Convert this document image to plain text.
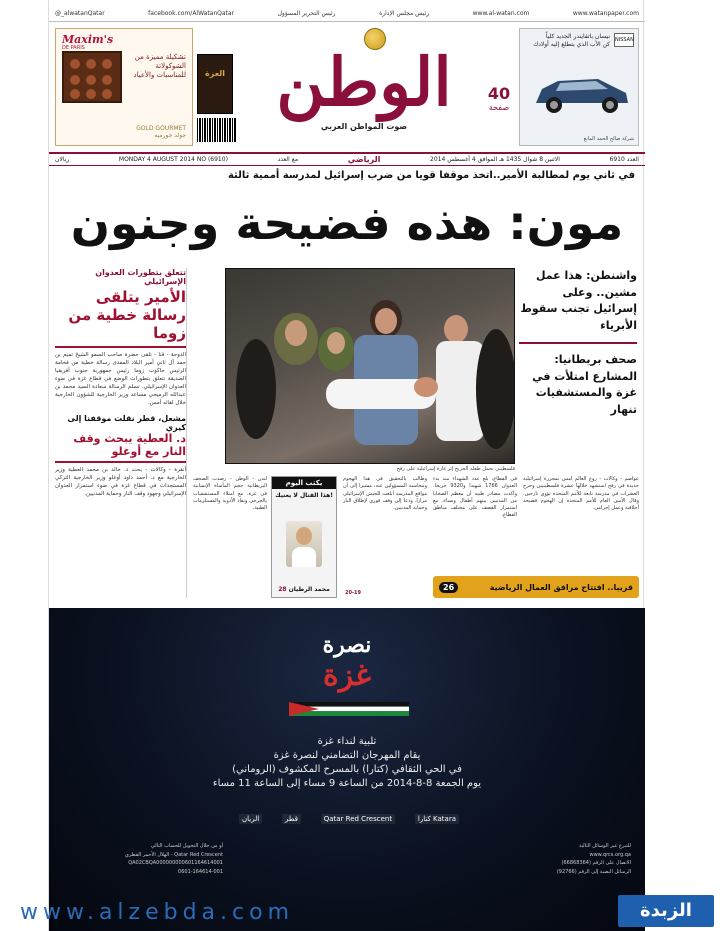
@_alwatanQatar	facebook.com/AlWatanQatar	رئيس التحرير المسؤول	رئيس مجلس الإدارة	www.al-watan.com	www.watanpaper.com
Maxim's
DE PARIS
تشكيلة مميزة من الشوكولاتة للمناسبات والأعياد
GOLD GOURMET
جولد جورميه
العزة الوطن
صوت المواطن العربي
40
صفحة
NISSAN
نيسان باثفايندر الجديد كلياً
كن الأب الذي يتطلع إليه أولادك
شركة صالح الحمد المانع
ريالان	MONDAY 4 AUGUST 2014 NO (6910)	مع العدد	الرياضي	الاثنين 8 شوال 1435 هـ الموافق 4 أغسطس 2014	العدد 6910
في ثاني يوم لمطالبة الأمير..اتخذ موقفا قويا من ضرب إسرائيل لمدرسة أممية ثالثة
مون: هذه فضيحة وجنون
تتعلق بتطورات العدوان الإسرائيلي
الأمير يتلقى رسالة خطية من زوما
الدوحة - قنا - تلقى حضرة صاحب السمو الشيخ تميم بن حمد آل ثاني أمير البلاد المفدى رسالة خطية من فخامة الرئيس جاكوب زوما رئيس جمهورية جنوب أفريقيا الصديقة تتعلق بتطورات الوضع في قطاع غزة في ضوء العدوان الإسرائيلي. تسلم الرسالة سعادة السيد محمد بن عبدالله الرميحي مساعد وزير الخارجية للشؤون الخارجية خلال لقائه أمس.
مشعل، قطر نقلت موقفنا إلى كيري
د. العطية يبحث وقف النار مع أوغلو
أنقرة - وكالات - بحث د. خالد بن محمد العطية وزير الخارجية مع د. أحمد داود أوغلو وزير الخارجية التركي المستجدات في قطاع غزة في ضوء استمرار العدوان الإسرائيلي وجهود وقف النار وحماية المدنيين.
فلسطيني يحمل طفله الجريح إثر غارة إسرائيلية على رفح
واشنطن: هذا عمل مشين.. وعلى إسرائيل تجنب سقوط الأبرياء
صحف بريطانيا: المشارع امتلأت في غزة والمستشفيات تنهار
عواصم - وكالات - روع العالم أمس بمجزرة إسرائيلية جديدة في رفح استشهد خلالها عشرة فلسطينيين وجرح العشرات في مدرسة تابعة للأمم المتحدة تؤوي نازحين. وقال الأمين العام للأمم المتحدة إن الهجوم فضيحة أخلاقية وعمل إجرامي.
في القطاع، بلغ عدد الشهداء منذ بدء العدوان 1766 شهيدا و9320 جريحا. وأكدت مصادر طبية أن معظم الضحايا من المدنيين بينهم أطفال ونساء، مع استمرار القصف على مختلف مناطق القطاع.
وطالب بالتحقيق في هذا الهجوم ومحاسبة المسؤولين عنه، مشيرا إلى أن مواقع المدرسة أبلغت للجيش الإسرائيلي مرارا. ودعا إلى وقف فوري لإطلاق النار وحماية المدنيين.
لندن - الوطن - رصدت الصحف البريطانية حجم المأساة الإنسانية في غزة، مع امتلاء المستشفيات بالجرحى ونفاد الأدوية والمستلزمات الطبية.
يكتب اليوم
هذا القتال لا يعنيك!
محمد الرطيان 28	20-19
26	قريبا.. افتتاح مرافق العمال الرياضية
نصرة
غزة
تلبية لنداء غزة
يقام المهرجان التضامني لنصرة غزة
في الحي الثقافي (كتارا) بالمسرح المكشوف (الروماني)
يوم الجمعة 8-8-2014 من الساعة 9 مساء إلى الساعة 11 مساء
الريان	قطر	Qatar Red Crescent	كتارا Katara
أو من خلال التحويل للحساب التالي
الهلال الأحمر القطري - Qatar Red Crescent
QA02CBQA000000000601164614001
0601-164614-001
للتبرع عبر الوسائل التالية
www.qrcs.org.qa
الاتصال على الرقم (66868364)
الرسائل النصية إلى الرقم (92766)
www.alzebda.com	الزبدة
